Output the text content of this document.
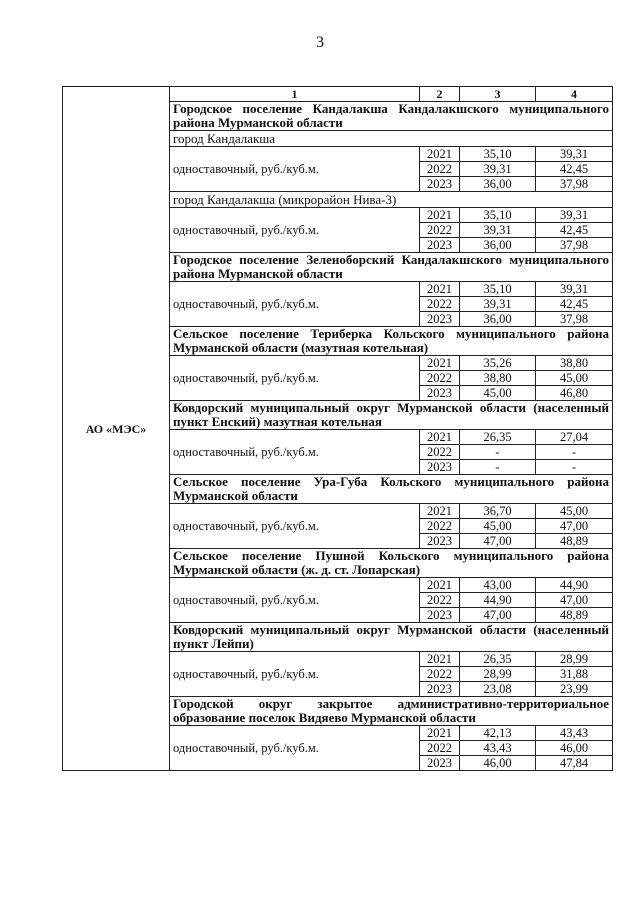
3
АО «МЭС»	1	2	3	4
	Городское поселение Кандалакша Кандалакшского муниципального района Мурманской области			
	город Кандалакша			
	одноставочный, руб./куб.м.	2021	35,10	39,31
		2022	39,31	42,45
		2023	36,00	37,98
	город Кандалакша (микрорайон Нива-3)			
	одноставочный, руб./куб.м.	2021	35,10	39,31
		2022	39,31	42,45
		2023	36,00	37,98
	Городское поселение Зеленоборский Кандалакшского муниципального района Мурманской области			
	одноставочный, руб./куб.м.	2021	35,10	39,31
		2022	39,31	42,45
		2023	36,00	37,98
	Сельское поселение Териберка Кольского муниципального района Мурманской области (мазутная котельная)			
	одноставочный, руб./куб.м.	2021	35,26	38,80
		2022	38,80	45,00
		2023	45,00	46,80
	Ковдорский муниципальный округ Мурманской области (населенный пункт Енский) мазутная котельная			
	одноставочный, руб./куб.м.	2021	26,35	27,04
		2022	-	-
		2023	-	-
	Сельское поселение Ура-Губа Кольского муниципального района Мурманской области			
	одноставочный, руб./куб.м.	2021	36,70	45,00
		2022	45,00	47,00
		2023	47,00	48,89
	Сельское поселение Пушной Кольского муниципального района Мурманской области (ж. д. ст. Лопарская)			
	одноставочный, руб./куб.м.	2021	43,00	44,90
		2022	44,90	47,00
		2023	47,00	48,89
	Ковдорский муниципальный округ Мурманской области (населенный пункт Лейпи)			
	одноставочный, руб./куб.м.	2021	26,35	28,99
		2022	28,99	31,88
		2023	23,08	23,99
	Городской округ закрытое административно-территориальное образование поселок Видяево Мурманской области			
	одноставочный, руб./куб.м.	2021	42,13	43,43
		2022	43,43	46,00
		2023	46,00	47,84
